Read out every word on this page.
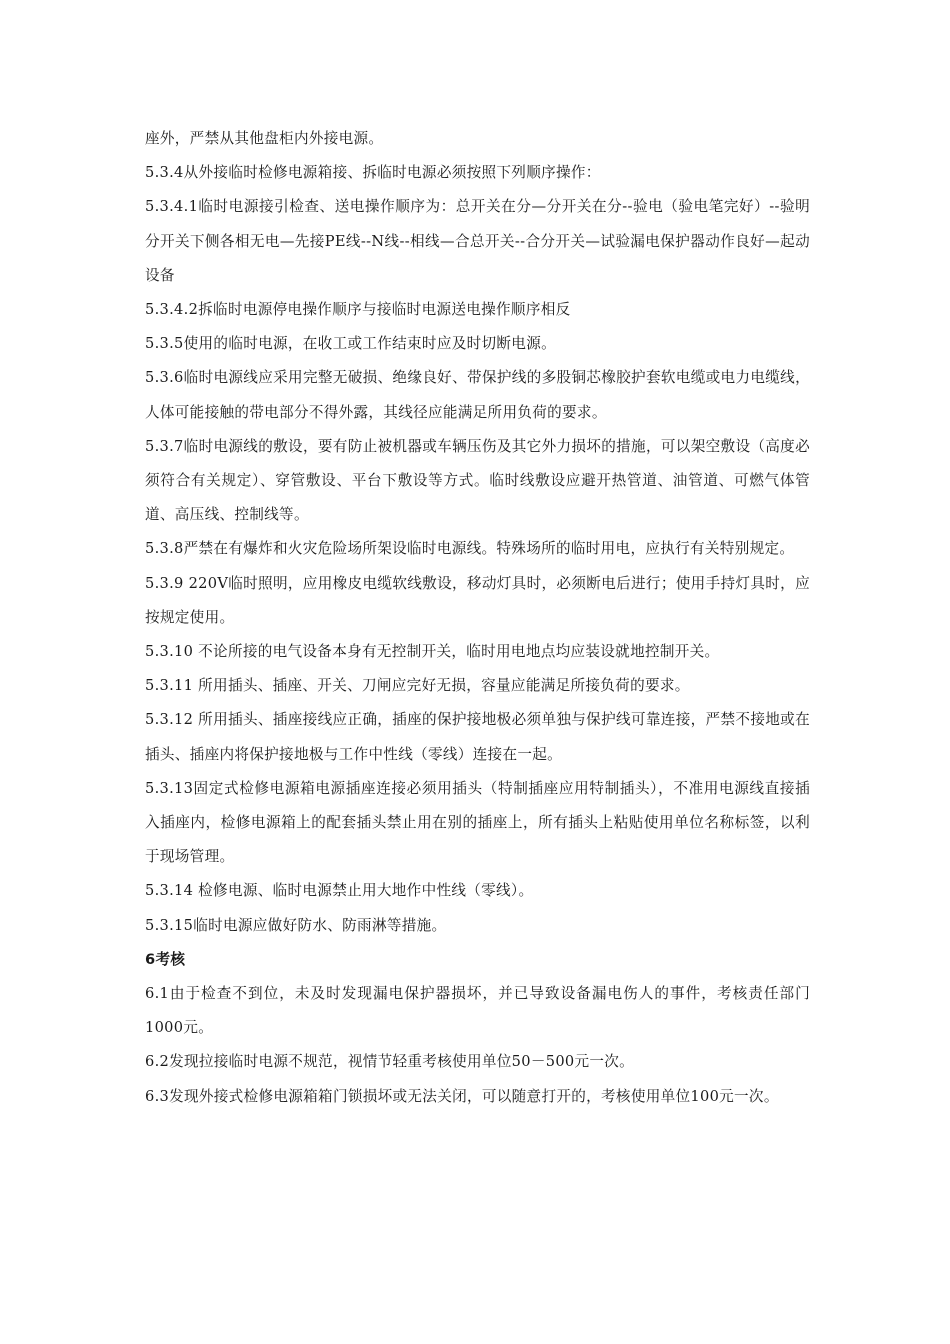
座外，严禁从其他盘柜内外接电源。

5.3.4从外接临时检修电源箱接、拆临时电源必须按照下列顺序操作：

5.3.4.1临时电源接引检查、送电操作顺序为：总开关在分—分开关在分--验电（验电笔完好）--验明分开关下侧各相无电—先接PE线--N线--相线—合总开关--合分开关—试验漏电保护器动作良好—起动设备

5.3.4.2拆临时电源停电操作顺序与接临时电源送电操作顺序相反

5.3.5使用的临时电源，在收工或工作结束时应及时切断电源。

5.3.6临时电源线应采用完整无破损、绝缘良好、带保护线的多股铜芯橡胶护套软电缆或电力电缆线，人体可能接触的带电部分不得外露，其线径应能满足所用负荷的要求。

5.3.7临时电源线的敷设，要有防止被机器或车辆压伤及其它外力损坏的措施，可以架空敷设（高度必须符合有关规定）、穿管敷设、平台下敷设等方式。临时线敷设应避开热管道、油管道、可燃气体管道、高压线、控制线等。

5.3.8严禁在有爆炸和火灾危险场所架设临时电源线。特殊场所的临时用电，应执行有关特别规定。

5.3.9 220V临时照明，应用橡皮电缆软线敷设，移动灯具时，必须断电后进行；使用手持灯具时，应按规定使用。

5.3.10 不论所接的电气设备本身有无控制开关，临时用电地点均应装设就地控制开关。

5.3.11 所用插头、插座、开关、刀闸应完好无损，容量应能满足所接负荷的要求。

5.3.12 所用插头、插座接线应正确，插座的保护接地极必须单独与保护线可靠连接，严禁不接地或在插头、插座内将保护接地极与工作中性线（零线）连接在一起。

5.3.13固定式检修电源箱电源插座连接必须用插头（特制插座应用特制插头），不准用电源线直接插入插座内，检修电源箱上的配套插头禁止用在别的插座上，所有插头上粘贴使用单位名称标签，以利于现场管理。

5.3.14 检修电源、临时电源禁止用大地作中性线（零线）。

5.3.15临时电源应做好防水、防雨淋等措施。

6考核

6.1由于检查不到位，未及时发现漏电保护器损坏，并已导致设备漏电伤人的事件，考核责任部门1000元。

6.2发现拉接临时电源不规范，视情节轻重考核使用单位50－500元一次。

6.3发现外接式检修电源箱箱门锁损坏或无法关闭，可以随意打开的，考核使用单位100元一次。
